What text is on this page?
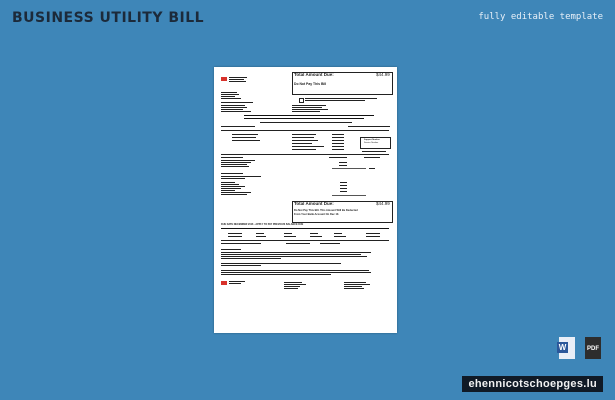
BUSINESS UTILITY BILL	fully editable template
Total Amount Due:	$44.99
Do Not Pay This Bill
Support Number
Service Number
Total Amount Due:	$44.99
Do Not Pay This Bill. This Amount Will Be Deducted
From Your Bank Account On Dec 10.
DUE DATE DECEMBER 2016 · APPLY TO PAY PREVIOUS BALANCE DUE
W	PDF
ehennicotschoepges.lu
